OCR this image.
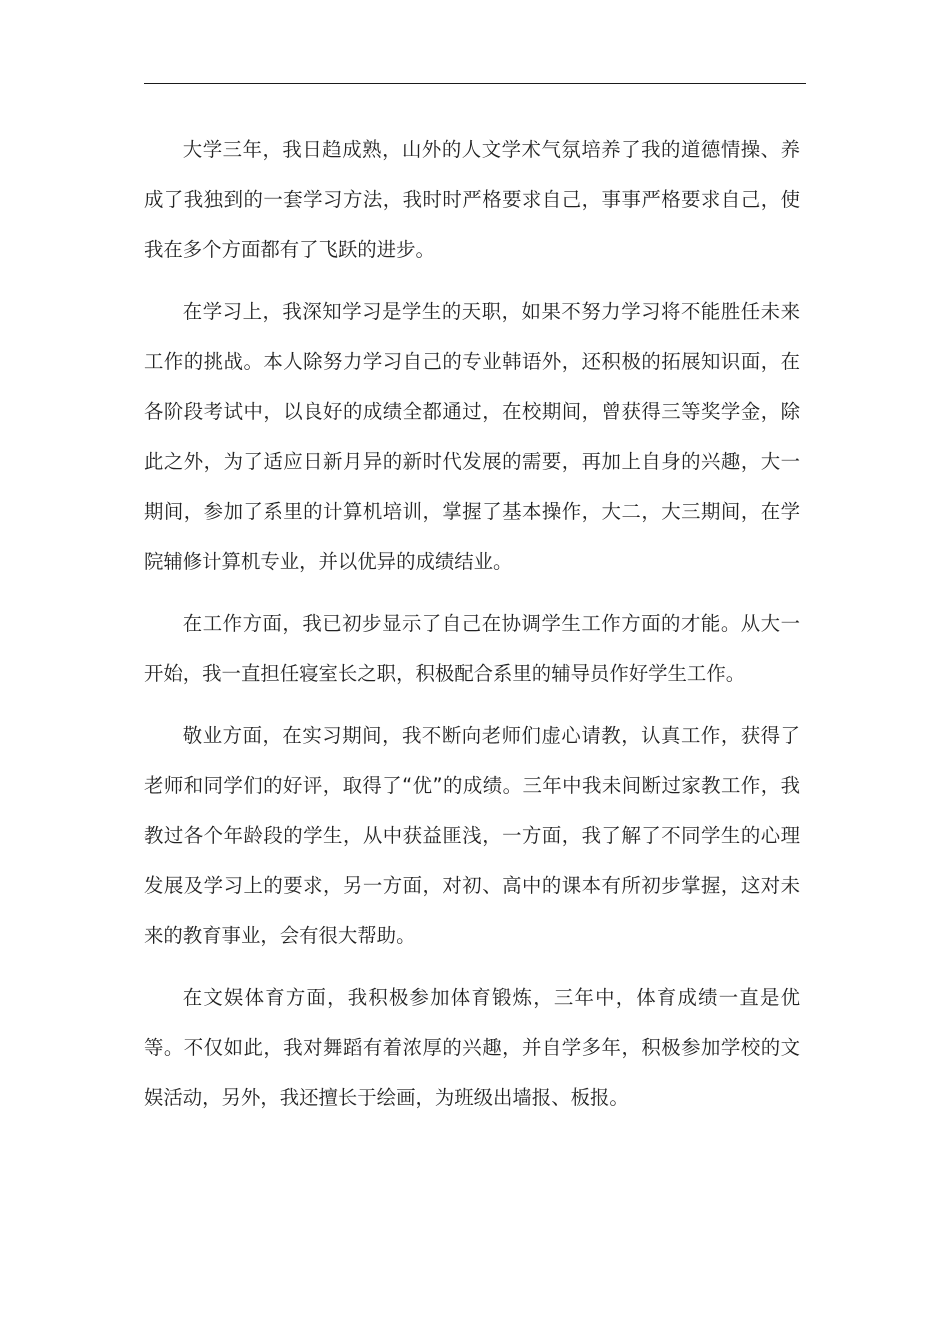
大学三年，我日趋成熟，山外的人文学术气氛培养了我的道德情操、养成了我独到的一套学习方法，我时时严格要求自己，事事严格要求自己，使我在多个方面都有了飞跃的进步。

在学习上，我深知学习是学生的天职，如果不努力学习将不能胜任未来工作的挑战。本人除努力学习自己的专业韩语外，还积极的拓展知识面，在各阶段考试中，以良好的成绩全都通过，在校期间，曾获得三等奖学金，除此之外，为了适应日新月异的新时代发展的需要，再加上自身的兴趣，大一期间，参加了系里的计算机培训，掌握了基本操作，大二，大三期间，在学院辅修计算机专业，并以优异的成绩结业。

在工作方面，我已初步显示了自己在协调学生工作方面的才能。从大一开始，我一直担任寝室长之职，积极配合系里的辅导员作好学生工作。

敬业方面，在实习期间，我不断向老师们虚心请教，认真工作，获得了老师和同学们的好评，取得了“优”的成绩。三年中我未间断过家教工作，我教过各个年龄段的学生，从中获益匪浅，一方面，我了解了不同学生的心理发展及学习上的要求，另一方面，对初、高中的课本有所初步掌握，这对未来的教育事业，会有很大帮助。

在文娱体育方面，我积极参加体育锻炼，三年中，体育成绩一直是优等。不仅如此，我对舞蹈有着浓厚的兴趣，并自学多年，积极参加学校的文娱活动，另外，我还擅长于绘画，为班级出墙报、板报。
